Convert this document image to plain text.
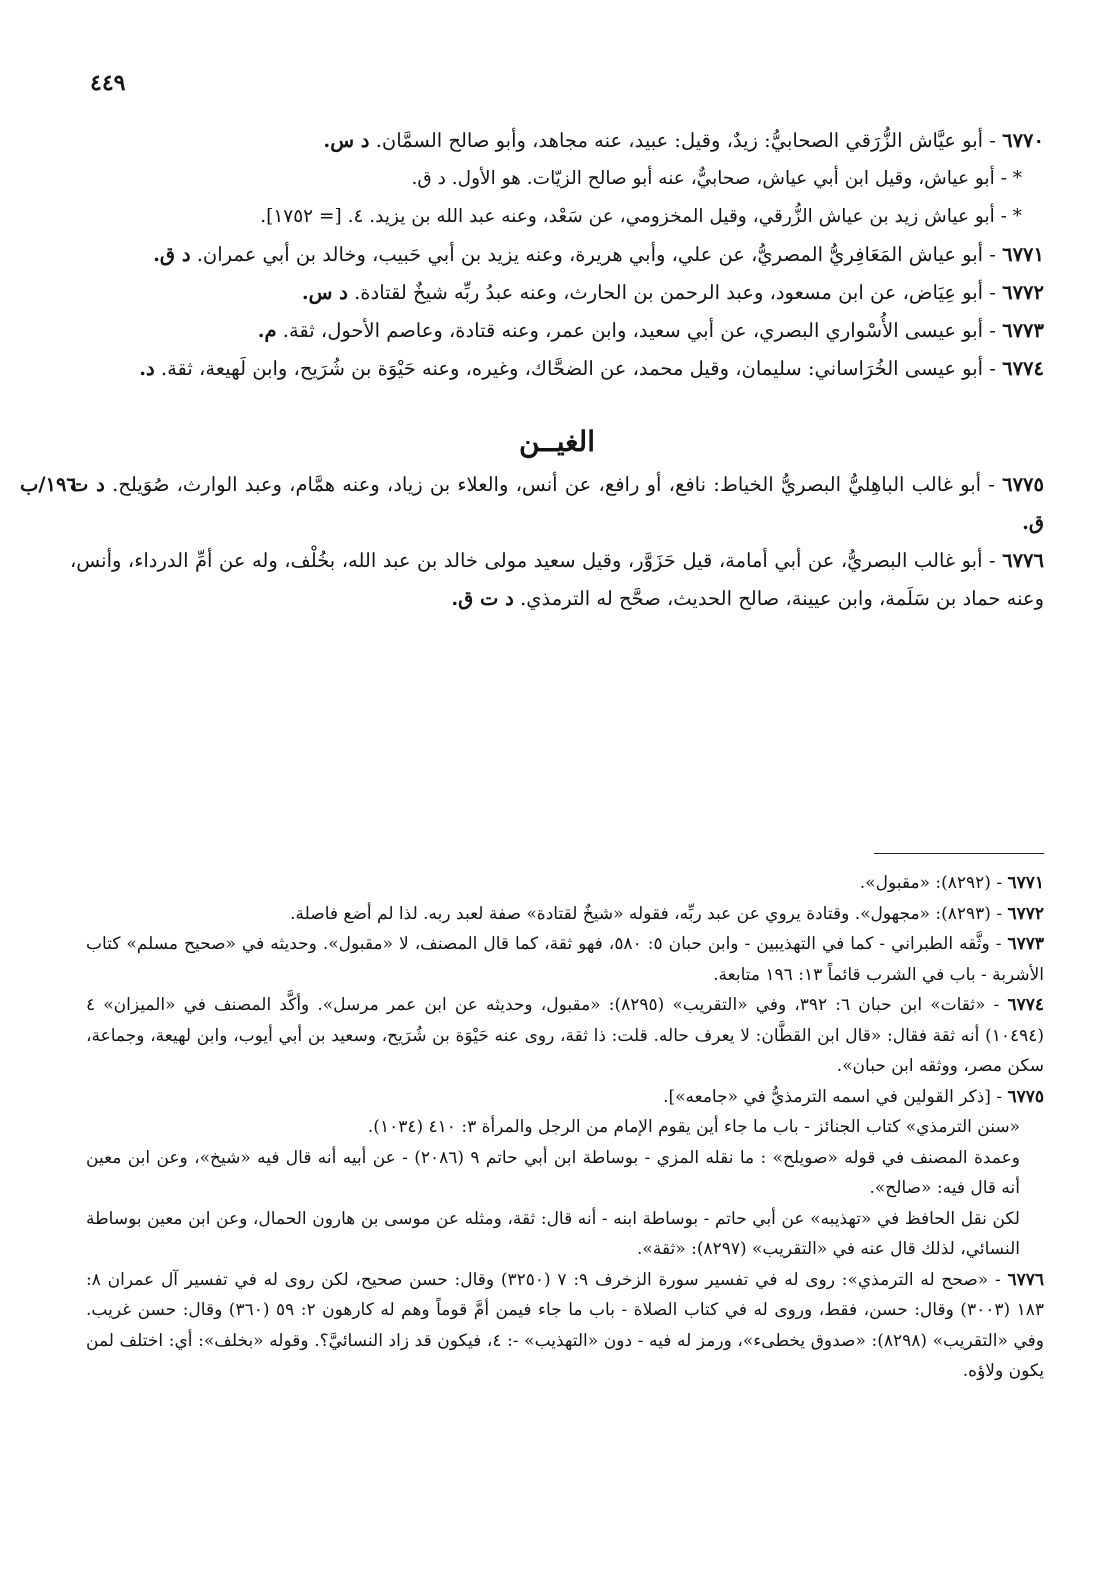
٤٤٩

٦٧٧٠ - أبو عيَّاش الزُّرَقي الصحابيُّ: زيدٌ، وقيل: عبيد، عنه مجاهد، وأبو صالح السمَّان. د س.

* - أبو عياش، وقيل ابن أبي عياش، صحابيٌّ، عنه أبو صالح الزيّات. هو الأول. د ق.

* - أبو عياش زيد بن عياش الزُّرقي، وقيل المخزومي، عن سَعْد، وعنه عبد الله بن يزيد. ٤. [= ١٧٥٢].

٦٧٧١ - أبو عياش المَعَافِريُّ المصريُّ، عن علي، وأبي هريرة، وعنه يزيد بن أبي حَبيب، وخالد بن أبي عمران. د ق.

٦٧٧٢ - أبو عِيَاض، عن ابن مسعود، وعبد الرحمن بن الحارث، وعنه عبدُ ربِّه شيخٌ لقتادة. د س.

٦٧٧٣ - أبو عيسى الأُسْواري البصري، عن أبي سعيد، وابن عمر، وعنه قتادة، وعاصم الأحول، ثقة. م.

٦٧٧٤ - أبو عيسى الخُرَاساني: سليمان، وقيل محمد، عن الضحَّاك، وغيره، وعنه حَيْوَة بن شُرَيح، وابن لَهيعة، ثقة. د.

الغيــن

٦٧٧٥ - أبو غالب الباهِليُّ البصريُّ الخياط: نافع، أو رافع، عن أنس، والعلاء بن زياد، وعنه همَّام، وعبد الوارث، صُوَيلح. د ت ق.
١٩٦/ب

٦٧٧٦ - أبو غالب البصريُّ، عن أبي أمامة، قيل حَزَوَّر، وقيل سعيد مولى خالد بن عبد الله، بخُلْف، وله عن أمِّ الدرداء، وأنس، وعنه حماد بن سَلَمة، وابن عيينة، صالح الحديث، صحَّح له الترمذي. د ت ق.

٦٧٧١ - (٨٢٩٢): «مقبول».

٦٧٧٢ - (٨٢٩٣): «مجهول». وقتادة يروي عن عبد ربِّه، فقوله «شيخٌ لقتادة» صفة لعبد ربه. لذا لم أضع فاصلة.

٦٧٧٣ - وثَّقه الطبراني - كما في التهذيبين - وابن حبان ٥: ٥٨٠، فهو ثقة، كما قال المصنف، لا «مقبول». وحديثه في «صحيح مسلم» كتاب الأشربة - باب في الشرب قائماً ١٣: ١٩٦ متابعة.

٦٧٧٤ - «ثقات» ابن حبان ٦: ٣٩٢، وفي «التقريب» (٨٢٩٥): «مقبول، وحديثه عن ابن عمر مرسل». وأكَّد المصنف في «الميزان» ٤ (١٠٤٩٤) أنه ثقة فقال: «قال ابن القطَّان: لا يعرف حاله. قلت: ذا ثقة، روى عنه حَيْوَة بن شُرَيح، وسعيد بن أبي أيوب، وابن لهيعة، وجماعة، سكن مصر، ووثقه ابن حبان».

٦٧٧٥ - [ذكر القولين في اسمه الترمذيُّ في «جامعه»].

«سنن الترمذي» كتاب الجنائز - باب ما جاء أين يقوم الإمام من الرجل والمرأة ٣: ٤١٠ (١٠٣٤).

وعمدة المصنف في قوله «صويلح» : ما نقله المزي - بوساطة ابن أبي حاتم ٩ (٢٠٨٦) - عن أبيه أنه قال فيه «شيخ»، وعن ابن معين أنه قال فيه: «صالح».

لكن نقل الحافظ في «تهذيبه» عن أبي حاتم - بوساطة ابنه - أنه قال: ثقة، ومثله عن موسى بن هارون الحمال، وعن ابن معين بوساطة النسائي، لذلك قال عنه في «التقريب» (٨٢٩٧): «ثقة».

٦٧٧٦ - «صحح له الترمذي»: روى له في تفسير سورة الزخرف ٩: ٧ (٣٢٥٠) وقال: حسن صحيح، لكن روى له في تفسير آل عمران ٨: ١٨٣ (٣٠٠٣) وقال: حسن، فقط، وروى له في كتاب الصلاة - باب ما جاء فيمن أمَّ قوماً وهم له كارهون ٢: ٥٩ (٣٦٠) وقال: حسن غريب. وفي «التقريب» (٨٢٩٨): «صدوق يخطىء»، ورمز له فيه - دون «التهذيب» -: ٤، فيكون قد زاد النسائيَّ؟. وقوله «بخلف»: أي: اختلف لمن يكون ولاؤه.
